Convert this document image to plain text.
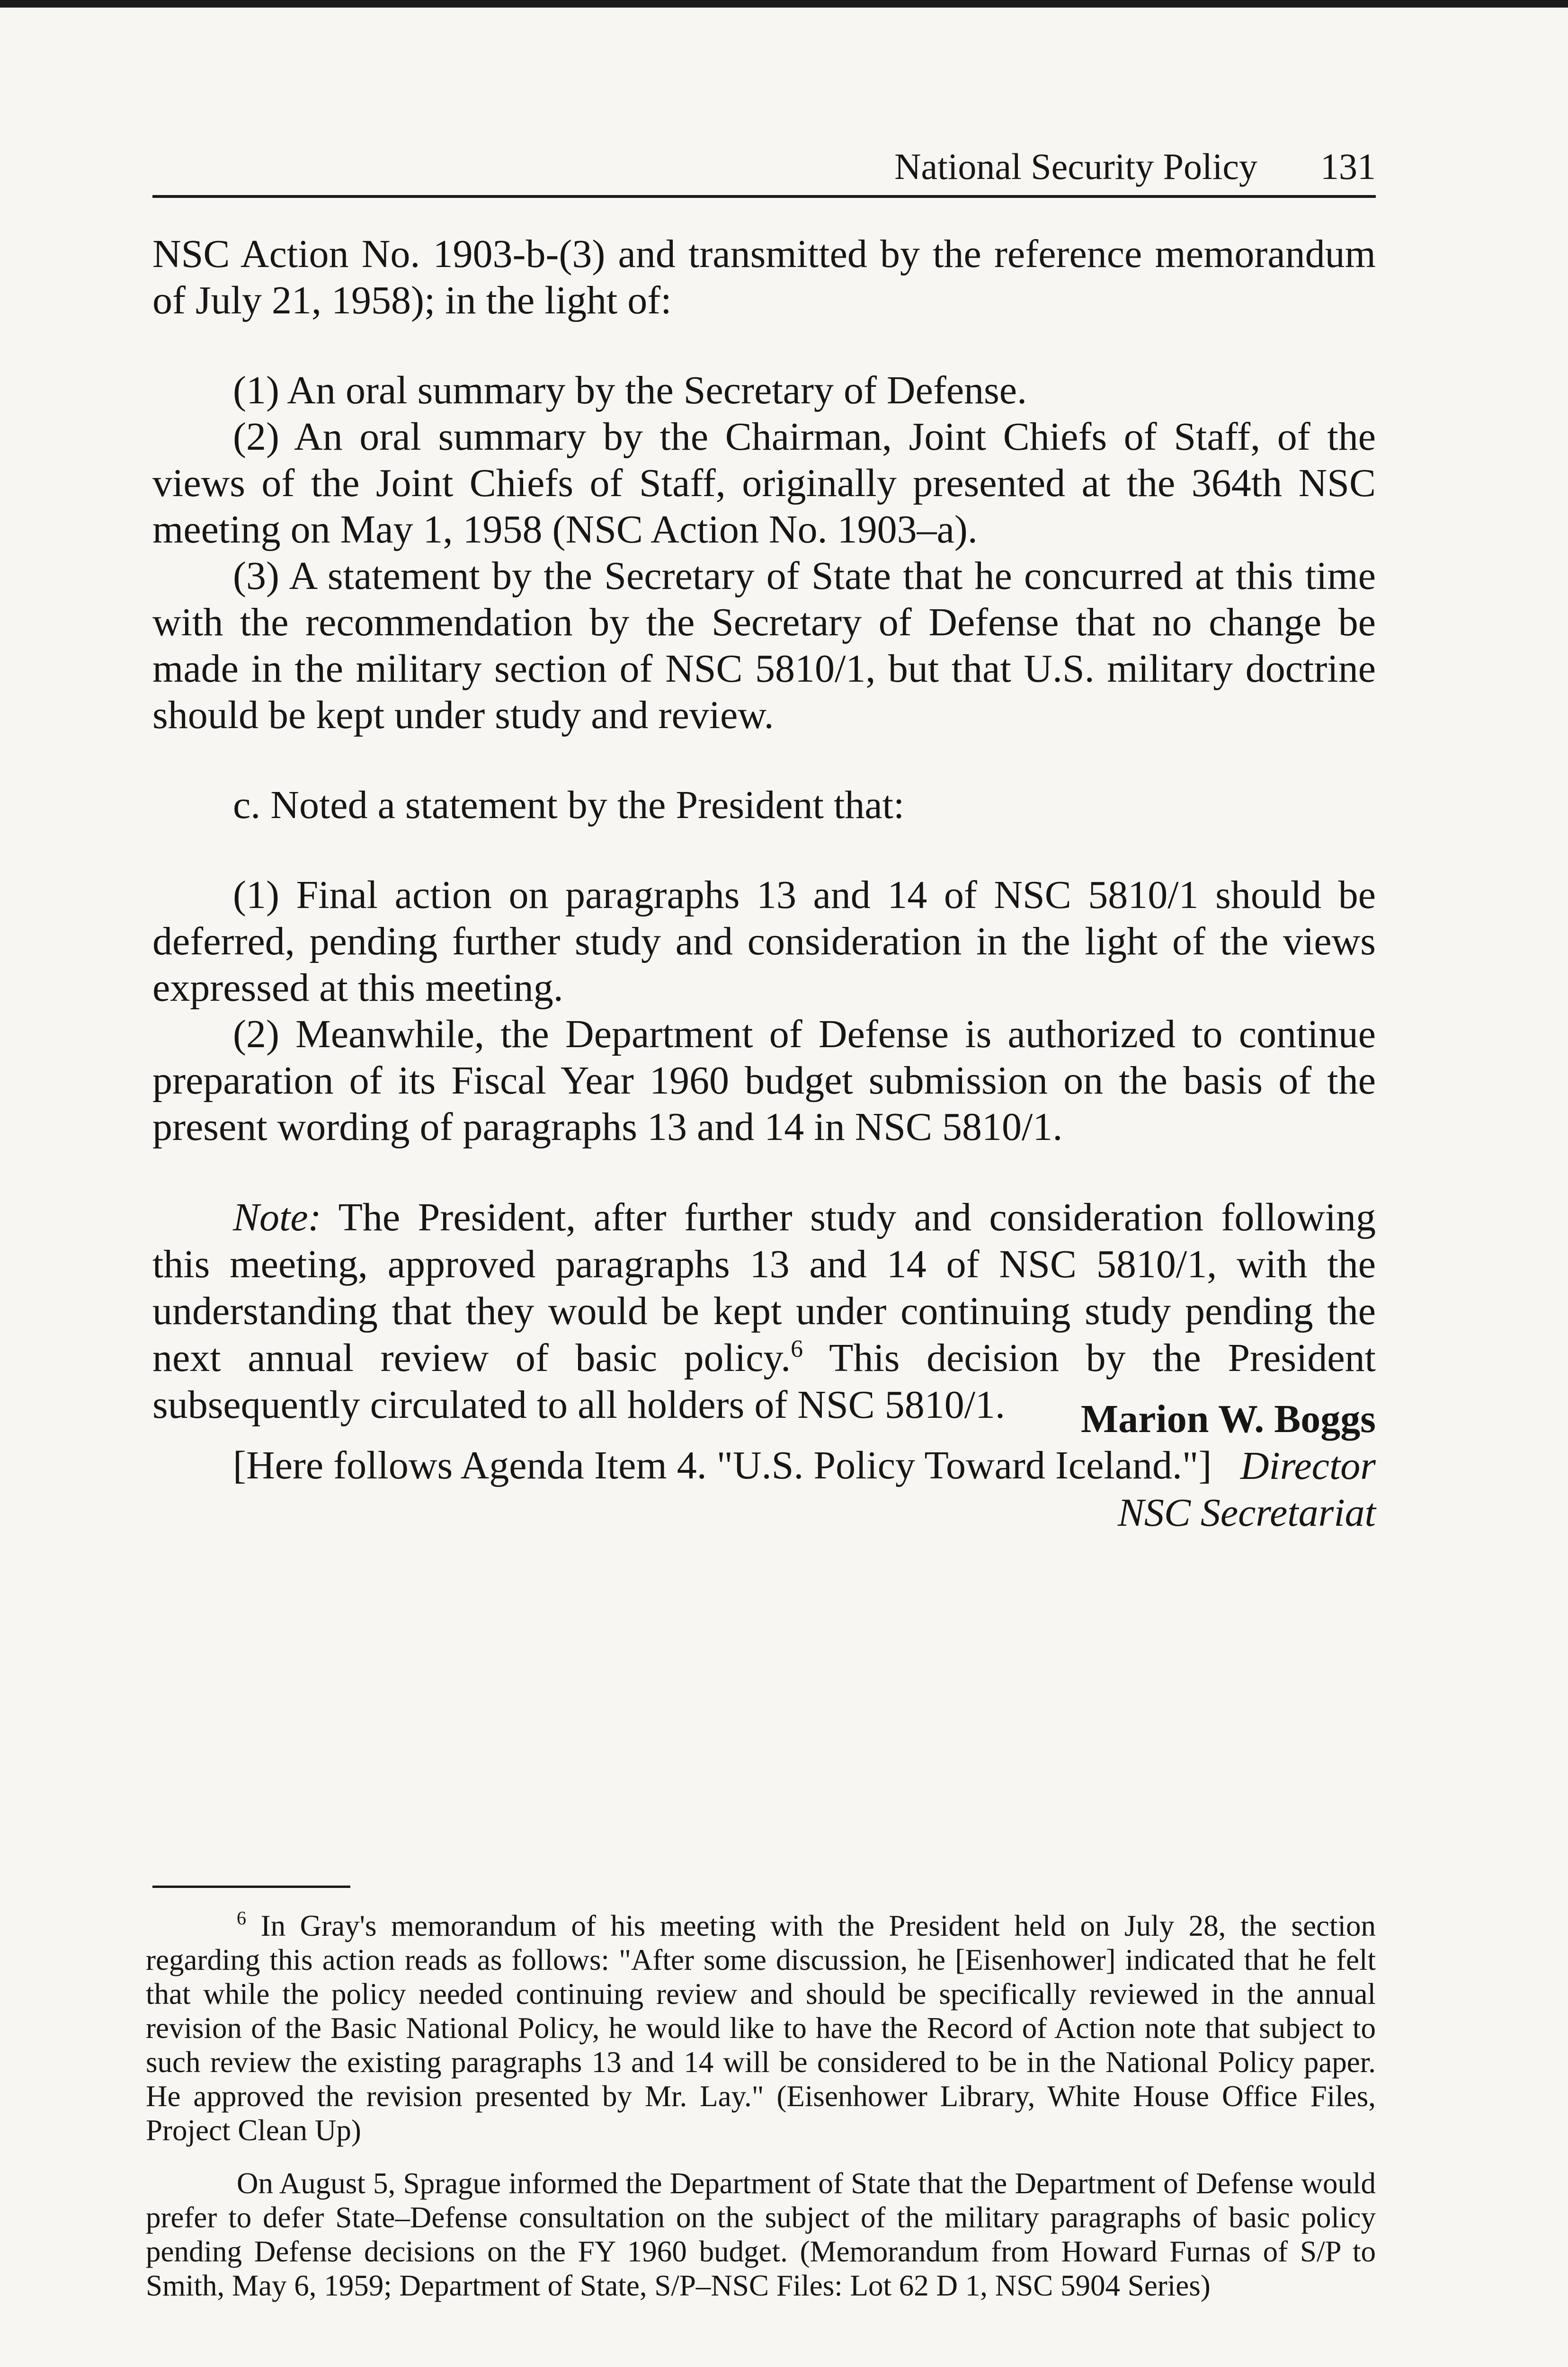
National Security Policy 131

NSC Action No. 1903-b-(3) and transmitted by the reference memorandum of July 21, 1958); in the light of:

(1) An oral summary by the Secretary of Defense.

(2) An oral summary by the Chairman, Joint Chiefs of Staff, of the views of the Joint Chiefs of Staff, originally presented at the 364th NSC meeting on May 1, 1958 (NSC Action No. 1903–a).

(3) A statement by the Secretary of State that he concurred at this time with the recommendation by the Secretary of Defense that no change be made in the military section of NSC 5810/1, but that U.S. military doctrine should be kept under study and review.

c. Noted a statement by the President that:

(1) Final action on paragraphs 13 and 14 of NSC 5810/1 should be deferred, pending further study and consideration in the light of the views expressed at this meeting.

(2) Meanwhile, the Department of Defense is authorized to continue preparation of its Fiscal Year 1960 budget submission on the basis of the present wording of paragraphs 13 and 14 in NSC 5810/1.

Note: The President, after further study and consideration following this meeting, approved paragraphs 13 and 14 of NSC 5810/1, with the understanding that they would be kept under continuing study pending the next annual review of basic policy.$^6$ This decision by the President subsequently circulated to all holders of NSC 5810/1.

[Here follows Agenda Item 4. "U.S. Policy Toward Iceland."]

Marion W. Boggs
Director
NSC Secretariat

$^6$ In Gray's memorandum of his meeting with the President held on July 28, the section regarding this action reads as follows: "After some discussion, he [Eisenhower] indicated that he felt that while the policy needed continuing review and should be specifically reviewed in the annual revision of the Basic National Policy, he would like to have the Record of Action note that subject to such review the existing paragraphs 13 and 14 will be considered to be in the National Policy paper. He approved the revision presented by Mr. Lay." (Eisenhower Library, White House Office Files, Project Clean Up)

On August 5, Sprague informed the Department of State that the Department of Defense would prefer to defer State–Defense consultation on the subject of the military paragraphs of basic policy pending Defense decisions on the FY 1960 budget. (Memorandum from Howard Furnas of S/P to Smith, May 6, 1959; Department of State, S/P–NSC Files: Lot 62 D 1, NSC 5904 Series)
